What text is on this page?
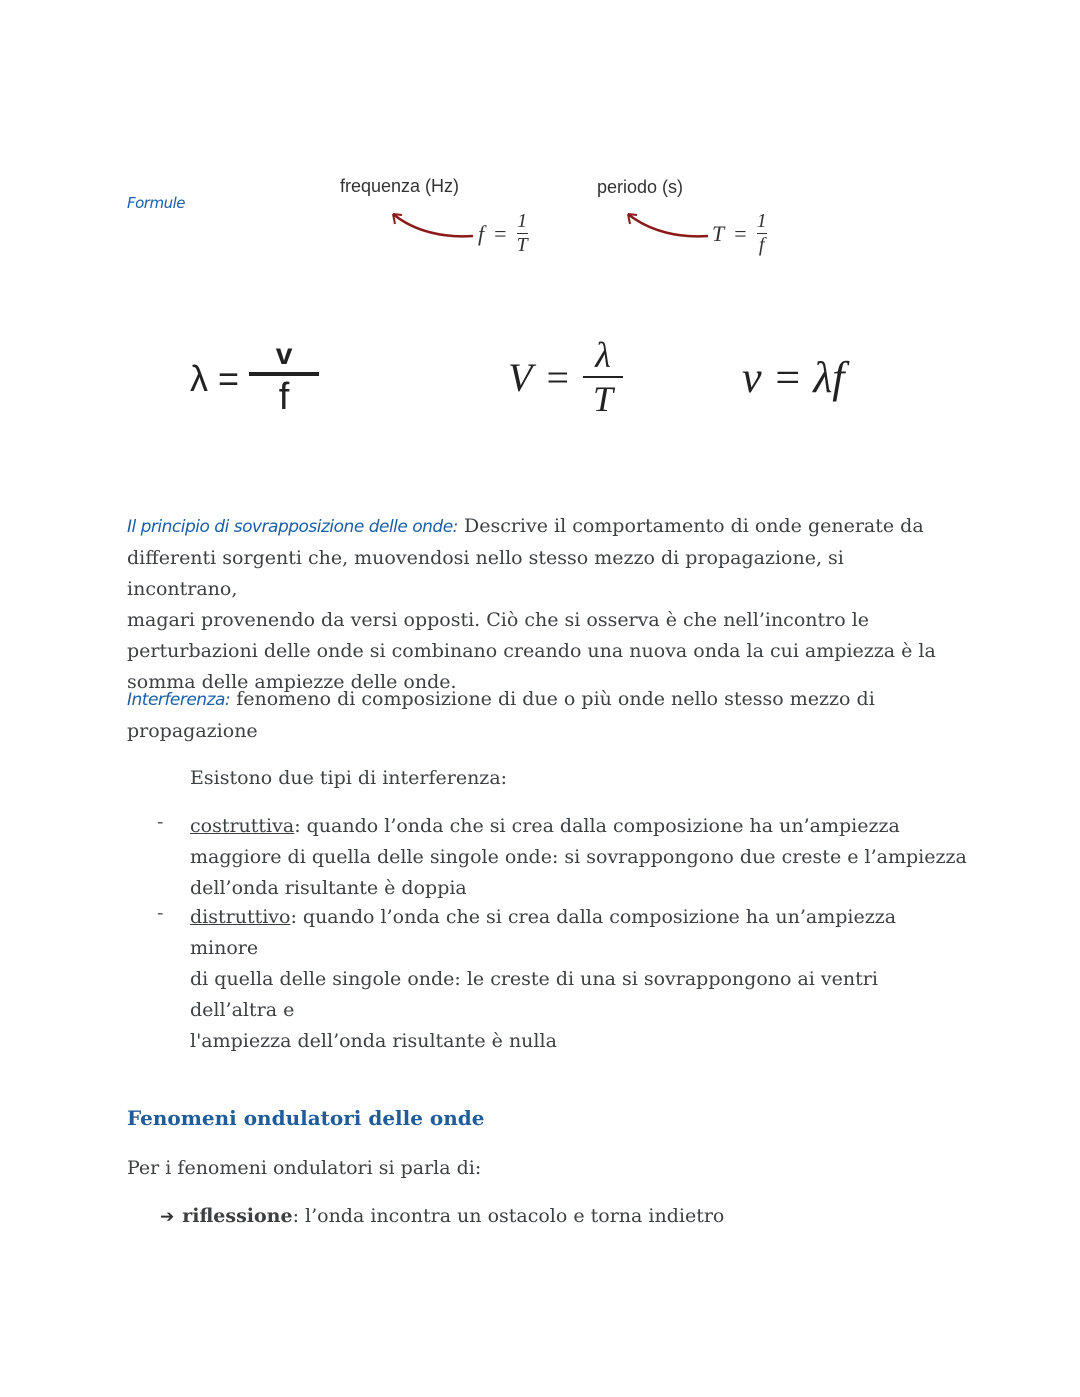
Formule
frequenza (Hz)
$f = \frac{1}{T}$
periodo (s)
$T = \frac{1}{f}$
$\lambda = \frac{v}{f}$	$V = \frac{\lambda}{T}$	v = λf
Il principio di sovrapposizione delle onde: Descrive il comportamento di onde generate da
differenti sorgenti che, muovendosi nello stesso mezzo di propagazione, si incontrano,
magari provenendo da versi opposti. Ciò che si osserva è che nell’incontro le
perturbazioni delle onde si combinano creando una nuova onda la cui ampiezza è la
somma delle ampiezze delle onde.
Interferenza: fenomeno di composizione di due o più onde nello stesso mezzo di
propagazione
Esistono due tipi di interferenza:
- costruttiva: quando l’onda che si crea dalla composizione ha un’ampiezza
maggiore di quella delle singole onde: si sovrappongono due creste e l’ampiezza
dell’onda risultante è doppia
- distruttivo: quando l’onda che si crea dalla composizione ha un’ampiezza minore
di quella delle singole onde: le creste di una si sovrappongono ai ventri dell’altra e
l'ampiezza dell’onda risultante è nulla
Fenomeni ondulatori delle onde
Per i fenomeni ondulatori si parla di:
➔ riflessione: l’onda incontra un ostacolo e torna indietro
